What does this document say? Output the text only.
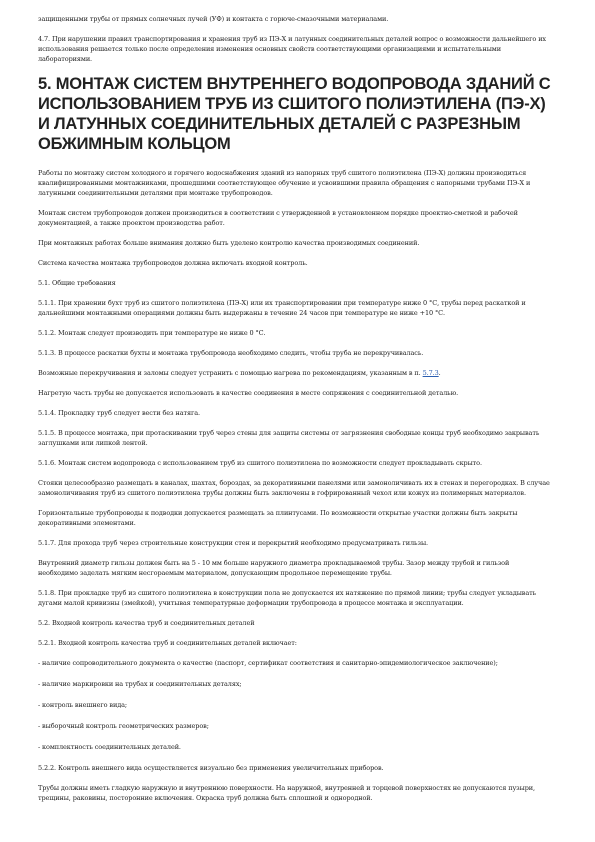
защищенными трубы от прямых солнечных лучей (УФ) и контакта с горюче-смазочными материалами.

4.7. При нарушении правил транспортирования и хранения труб из ПЭ-Х и латунных соединительных деталей вопрос о возможности дальнейшего их использования решается только после определения изменения основных свойств соответствующими организациями и испытательными лабораториями.

5. МОНТАЖ СИСТЕМ ВНУТРЕННЕГО ВОДОПРОВОДА ЗДАНИЙ С ИСПОЛЬЗОВАНИЕМ ТРУБ ИЗ СШИТОГО ПОЛИЭТИЛЕНА (ПЭ-Х) И ЛАТУННЫХ СОЕДИНИТЕЛЬНЫХ ДЕТАЛЕЙ С РАЗРЕЗНЫМ ОБЖИМНЫМ КОЛЬЦОМ

Работы по монтажу систем холодного и горячего водоснабжения зданий из напорных труб сшитого полиэтилена (ПЭ-Х) должны производиться квалифицированными монтажниками, прошедшими соответствующее обучение и усвоившими правила обращения с напорными трубами ПЭ-Х и латунными соединительными деталями при монтаже трубопроводов.

Монтаж систем трубопроводов должен производиться в соответствии с утвержденной в установленном порядке проектно-сметной и рабочей документацией, а также проектом производства работ.

При монтажных работах больше внимания должно быть уделено контролю качества производимых соединений.

Система качества монтажа трубопроводов должна включать входной контроль.

5.1. Общие требования

5.1.1. При хранении бухт труб из сшитого полиэтилена (ПЭ-Х) или их транспортировании при температуре ниже 0 °С, трубы перед раскаткой и дальнейшими монтажными операциями должны быть выдержаны в течение 24 часов при температуре не ниже +10 °С.

5.1.2. Монтаж следует производить при температуре не ниже 0 °С.

5.1.3. В процессе раскатки бухты и монтажа трубопровода необходимо следить, чтобы труба не перекручивалась.

Возможные перекручивания и заломы следует устранить с помощью нагрева по рекомендациям, указанным в п. 5.7.3.

Нагретую часть трубы не допускается использовать в качестве соединения в месте сопряжения с соединительной деталью.

5.1.4. Прокладку труб следует вести без натяга.

5.1.5. В процессе монтажа, при протаскивании труб через стены для защиты системы от загрязнения свободные концы труб необходимо закрывать заглушками или липкой лентой.

5.1.6. Монтаж систем водопровода с использованием труб из сшитого полиэтилена по возможности следует прокладывать скрыто.

Стояки целесообразно размещать в каналах, шахтах, бороздах, за декоративными панелями или замоноличивать их в стенах и перегородках. В случае замоноличивания труб из сшитого полиэтилена трубы должны быть заключены в гофрированный чехол или кожух из полимерных материалов.

Горизонтальные трубопроводы к подводки допускается размещать за плинтусами. По возможности открытые участки должны быть закрыты декоративными элементами.

5.1.7. Для прохода труб через строительные конструкции стен и перекрытий необходимо предусматривать гильзы.

Внутренний диаметр гильзы должен быть на 5 - 10 мм больше наружного диаметра прокладываемой трубы. Зазор между трубой и гильзой необходимо заделать мягким несгораемым материалом, допускающим продольное перемещение трубы.

5.1.8. При прокладке труб из сшитого полиэтилена в конструкции пола не допускается их натяжение по прямой линии; трубы следует укладывать дугами малой кривизны (змейкой), учитывая температурные деформации трубопровода в процессе монтажа и эксплуатации.

5.2. Входной контроль качества труб и соединительных деталей

5.2.1. Входной контроль качества труб и соединительных деталей включает:

- наличие сопроводительного документа о качестве (паспорт, сертификат соответствия и санитарно-эпидемиологическое заключение);

- наличие маркировки на трубах и соединительных деталях;

- контроль внешнего вида;

- выборочный контроль геометрических размеров;

- комплектность соединительных деталей.

5.2.2. Контроль внешнего вида осуществляется визуально без применения увеличительных приборов.

Трубы должны иметь гладкую наружную и внутреннюю поверхности. На наружной, внутренней и торцевой поверхностях не допускаются пузыри, трещины, раковины, посторонние включения. Окраска труб должна быть сплошной и однородной.
